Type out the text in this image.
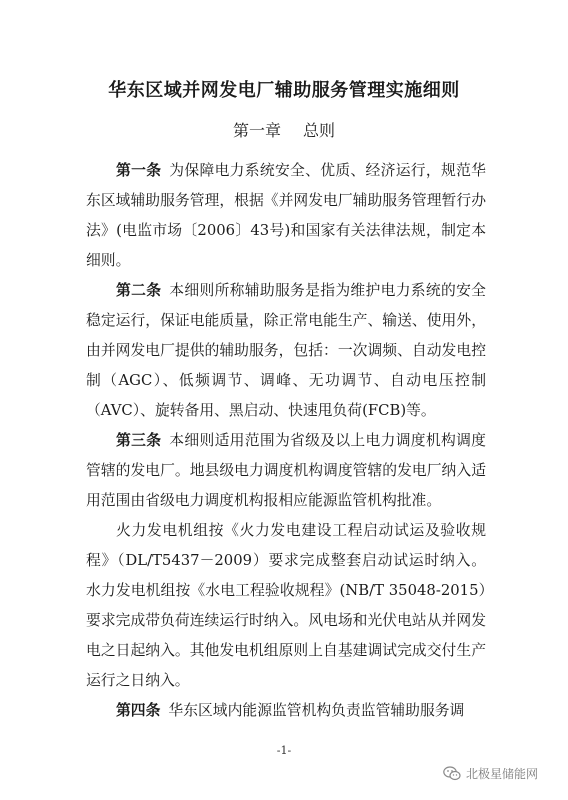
华东区域并网发电厂辅助服务管理实施细则
第一章 总则

第一条 为保障电力系统安全、优质、经济运行，规范华东区域辅助服务管理，根据《并网发电厂辅助服务管理暂行办法》(电监市场〔2006〕43号)和国家有关法律法规，制定本细则。

第二条 本细则所称辅助服务是指为维护电力系统的安全稳定运行，保证电能质量，除正常电能生产、输送、使用外，由并网发电厂提供的辅助服务，包括：一次调频、自动发电控制（AGC）、低频调节、调峰、无功调节、自动电压控制（AVC）、旋转备用、黑启动、快速甩负荷(FCB)等。

第三条 本细则适用范围为省级及以上电力调度机构调度管辖的发电厂。地县级电力调度机构调度管辖的发电厂纳入适用范围由省级电力调度机构报相应能源监管机构批准。

火力发电机组按《火力发电建设工程启动试运及验收规程》（DL/T5437－2009）要求完成整套启动试运时纳入。水力发电机组按《水电工程验收规程》(NB/T 35048-2015）要求完成带负荷连续运行时纳入。风电场和光伏电站从并网发电之日起纳入。其他发电机组原则上自基建调试完成交付生产运行之日纳入。

第四条 华东区域内能源监管机构负责监管辅助服务调

-1-
北极星储能网
